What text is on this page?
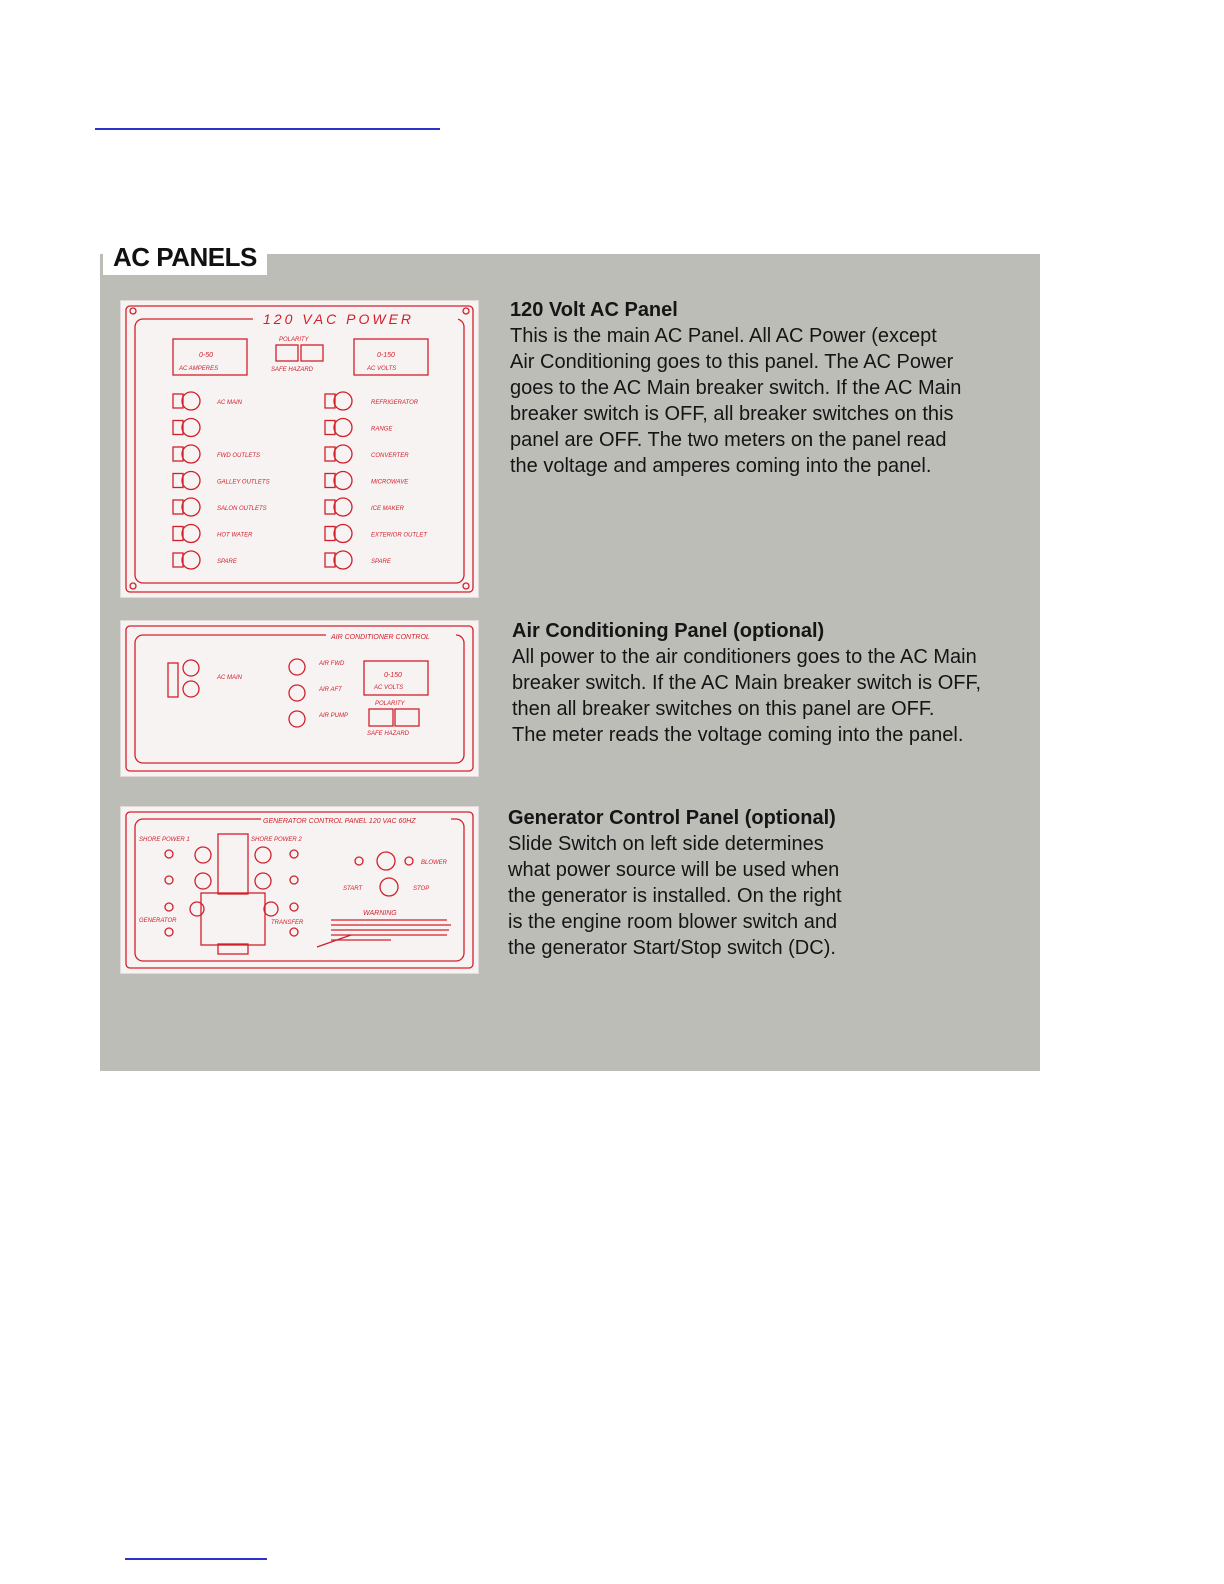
AC PANELS
120 VAC POWER
0-50
AC AMPERES
0-150
AC VOLTS
POLARITY
SAFE HAZARD
AC MAIN
FWD OUTLETS
GALLEY OUTLETS
SALON OUTLETS
HOT WATER
SPARE
REFRIGERATOR
RANGE
CONVERTER
MICROWAVE
ICE MAKER
EXTERIOR OUTLET
SPARE
120 Volt AC Panel

This is the main AC Panel. All AC Power (except

Air Conditioning goes to this panel. The AC Power

goes to the AC Main breaker switch. If the AC Main

breaker switch is OFF, all breaker switches on this

panel are OFF. The two meters on the panel read

the voltage and amperes coming into the panel.

AIR CONDITIONER CONTROL
AC MAIN
AIR FWD
AIR AFT
AIR PUMP
0-150
AC VOLTS
POLARITY
SAFE HAZARD
Air Conditioning Panel (optional)

All power to the air conditioners goes to the AC Main

breaker switch. If the AC Main breaker switch is OFF,

then all breaker switches on this panel are OFF.

The meter reads the voltage coming into the panel.

GENERATOR CONTROL PANEL 120 VAC 60HZ
SHORE POWER 1	SHORE POWER 2
GENERATOR	TRANSFER
BLOWER
START	STOP
WARNING
Generator Control Panel (optional)

Slide Switch on left side determines

what power source will be used when

the generator is installed. On the right

is the engine room blower switch and

the generator Start/Stop switch (DC).
